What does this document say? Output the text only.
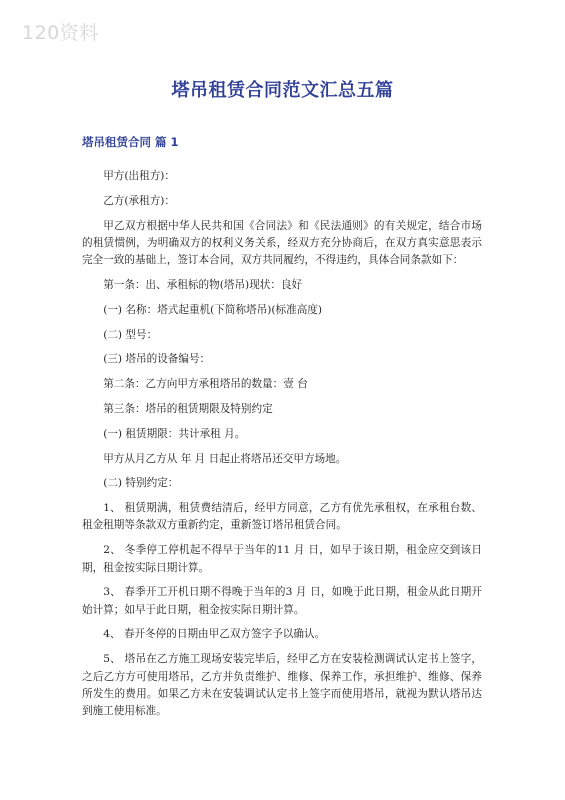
120资料
塔吊租赁合同范文汇总五篇
塔吊租赁合同 篇 1

甲方(出租方)：

乙方(承租方)：

甲乙双方根据中华人民共和国《合同法》和《民法通则》的有关规定，结合市场的租赁惯例，为明确双方的权利义务关系，经双方充分协商后，在双方真实意思表示完全一致的基础上，签订本合同，双方共同履约，不得违约，具体合同条款如下：

第一条：出、承租标的物(塔吊)现状：良好

(一) 名称：塔式起重机(下简称塔吊)(标准高度)

(二) 型号：

(三) 塔吊的设备编号：

第二条：乙方向甲方承租塔吊的数量：壹 台

第三条：塔吊的租赁期限及特别约定

(一) 租赁期限：共计承租 月。

甲方从月乙方从 年 月 日起止将塔吊还交甲方场地。

(二) 特别约定：

1、 租赁期满，租赁费结清后，经甲方同意，乙方有优先承租权，在承租台数、租金租期等条款双方重新约定，重新签订塔吊租赁合同。

2、 冬季停工停机起不得早于当年的11 月 日，如早于该日期，租金应交到该日期，租金按实际日期计算。

3、 春季开工开机日期不得晚于当年的3 月 日，如晚于此日期，租金从此日期开始计算；如早于此日期，租金按实际日期计算。

4、 春开冬停的日期由甲乙双方签字予以确认。

5、 塔吊在乙方施工现场安装完毕后，经甲乙方在安装检测调试认定书上签字，之后乙方方可使用塔吊，乙方并负责维护、维修、保养工作，承担维护、维修、保养所发生的费用。如果乙方未在安装调试认定书上签字而使用塔吊，就视为默认塔吊达到施工使用标准。
